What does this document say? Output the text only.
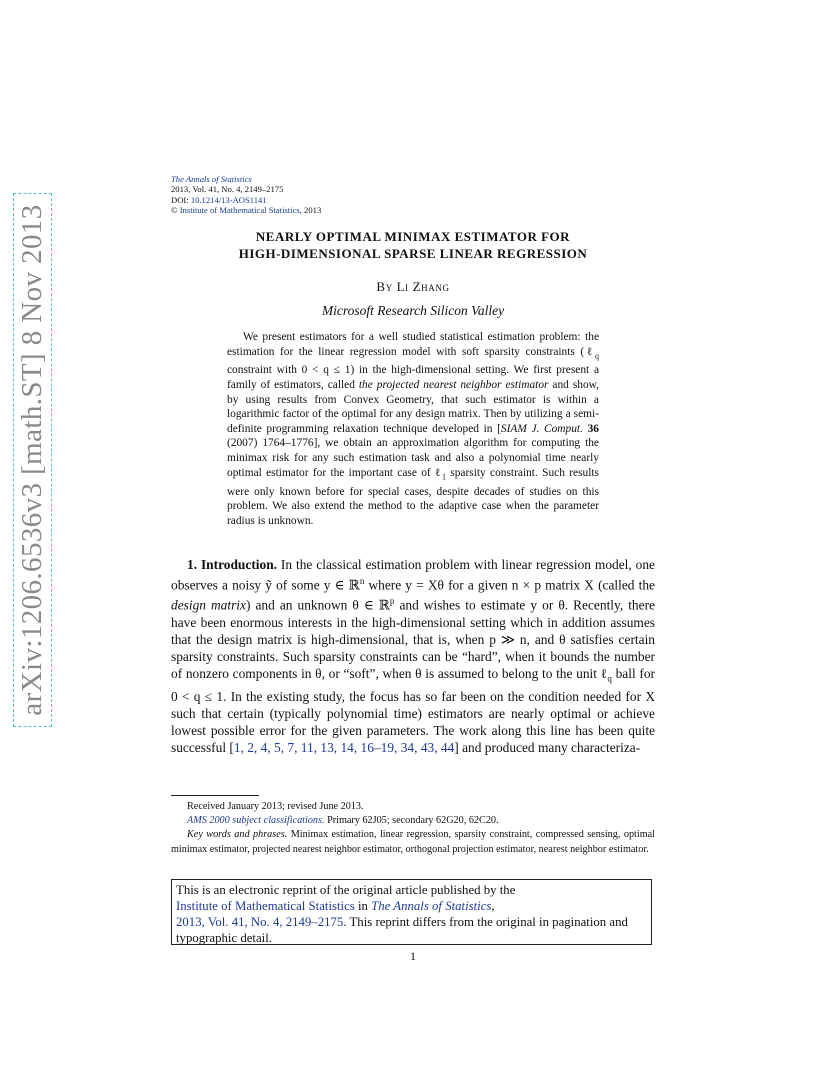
arXiv:1206.6536v3 [math.ST] 8 Nov 2013
The Annals of Statistics
2013, Vol. 41, No. 4, 2149–2175
DOI: 10.1214/13-AOS1141
© Institute of Mathematical Statistics, 2013
NEARLY OPTIMAL MINIMAX ESTIMATOR FOR
HIGH-DIMENSIONAL SPARSE LINEAR REGRESSION
By Li Zhang
Microsoft Research Silicon Valley
We present estimators for a well studied statistical estimation problem: the estimation for the linear regression model with soft sparsity constraints (ℓ$_q$ constraint with 0 < q ≤ 1) in the high-dimensional setting. We first present a family of estimators, called the projected nearest neighbor estimator and show, by using results from Convex Geometry, that such estimator is within a logarithmic factor of the optimal for any design matrix. Then by utilizing a semi-definite programming relaxation technique developed in [SIAM J. Comput. 36 (2007) 1764–1776], we obtain an approximation algorithm for computing the minimax risk for any such estimation task and also a polynomial time nearly optimal estimator for the important case of ℓ$_1$ sparsity constraint. Such results were only known before for special cases, despite decades of studies on this problem. We also extend the method to the adaptive case when the parameter radius is unknown.
1. Introduction. In the classical estimation problem with linear regression model, one observes a noisy ỹ of some y ∈ ℝ$^n$ where y = Xθ for a given n × p matrix X (called the design matrix) and an unknown θ ∈ ℝ$^p$ and wishes to estimate y or θ. Recently, there have been enormous interests in the high-dimensional setting which in addition assumes that the design matrix is high-dimensional, that is, when p ≫ n, and θ satisfies certain sparsity constraints. Such sparsity constraints can be “hard”, when it bounds the number of nonzero components in θ, or “soft”, when θ is assumed to belong to the unit ℓ$_q$ ball for 0 < q ≤ 1. In the existing study, the focus has so far been on the condition needed for X such that certain (typically polynomial time) estimators are nearly optimal or achieve lowest possible error for the given parameters. The work along this line has been quite successful [1, 2, 4, 5, 7, 11, 13, 14, 16–19, 34, 43, 44] and produced many characteriza-

Received January 2013; revised June 2013.

AMS 2000 subject classifications. Primary 62J05; secondary 62G20, 62C20.

Key words and phrases. Minimax estimation, linear regression, sparsity constraint, compressed sensing, optimal minimax estimator, projected nearest neighbor estimator, orthogonal projection estimator, nearest neighbor estimator.

This is an electronic reprint of the original article published by the
Institute of Mathematical Statistics in The Annals of Statistics,
2013, Vol. 41, No. 4, 2149–2175. This reprint differs from the original in pagination and typographic detail.
1
